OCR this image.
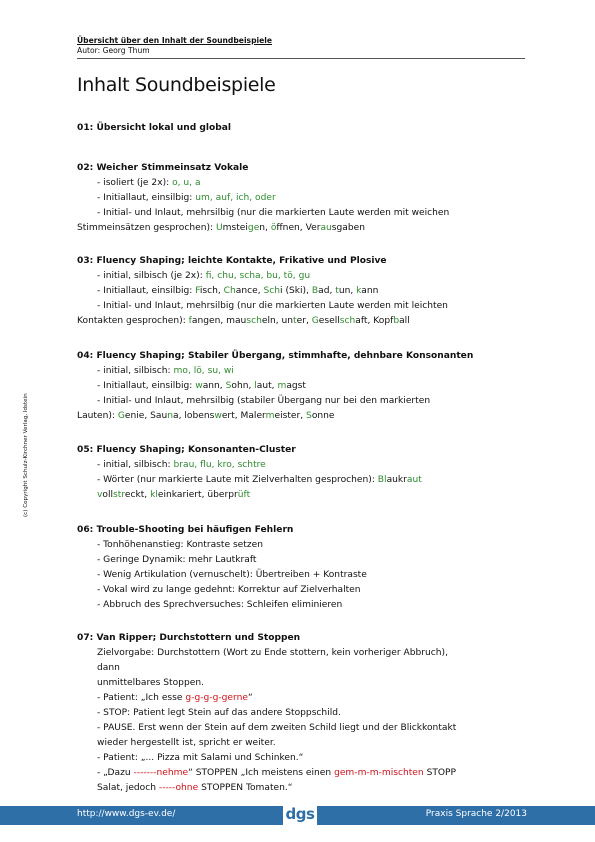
Übersicht über den Inhalt der Soundbeispiele
Autor: Georg Thum
Inhalt Soundbeispiele
(c) Copyright Schulz-Kirchner Verlag, Idstein
01: Übersicht lokal und global
02: Weicher Stimmeinsatz Vokale
- isoliert (je 2x): o, u, a
- Initiallaut, einsilbig: um, auf, ich, oder
- Initial- und Inlaut, mehrsilbig (nur die markierten Laute werden mit weichen
Stimmeinsätzen gesprochen): Umsteigen, öffnen, Verausgaben
03: Fluency Shaping; leichte Kontakte, Frikative und Plosive
- initial, silbisch (je 2x): fi, chu, scha, bu, tö, gu
- Initiallaut, einsilbig: Fisch, Chance, Schi (Ski), Bad, tun, kann
- Initial- und Inlaut, mehrsilbig (nur die markierten Laute werden mit leichten
Kontakten gesprochen): fangen, mauscheln, unter, Gesellschaft, Kopfball
04: Fluency Shaping; Stabiler Übergang, stimmhafte, dehnbare Konsonanten
- initial, silbisch: mo, lö, su, wi
- Initiallaut, einsilbig: wann, Sohn, laut, magst
- Initial- und Inlaut, mehrsilbig (stabiler Übergang nur bei den markierten
Lauten): Genie, Sauna, lobenswert, Malermeister, Sonne
05: Fluency Shaping; Konsonanten-Cluster
- initial, silbisch: brau, flu, kro, schtre
- Wörter (nur markierte Laute mit Zielverhalten gesprochen): Blaukraut
vollstreckt, kleinkariert, überprüft
06: Trouble-Shooting bei häufigen Fehlern
- Tonhöhenanstieg: Kontraste setzen
- Geringe Dynamik: mehr Lautkraft
- Wenig Artikulation (vernuschelt): Übertreiben + Kontraste
- Vokal wird zu lange gedehnt: Korrektur auf Zielverhalten
- Abbruch des Sprechversuches: Schleifen eliminieren
07: Van Ripper; Durchstottern und Stoppen
Zielvorgabe: Durchstottern (Wort zu Ende stottern, kein vorheriger Abbruch),
dann
unmittelbares Stoppen.
- Patient: „Ich esse g-g-g-g-gerne“
- STOP: Patient legt Stein auf das andere Stoppschild.
- PAUSE. Erst wenn der Stein auf dem zweiten Schild liegt und der Blickkontakt
wieder hergestellt ist, spricht er weiter.
- Patient: „... Pizza mit Salami und Schinken.“
- „Dazu -------nehme“ STOPPEN „Ich meistens einen gem-m-m-mischten STOPP
Salat, jedoch -----ohne STOPPEN Tomaten.“
http://www.dgs-ev.de/	Praxis Sprache 2/2013
dgs
